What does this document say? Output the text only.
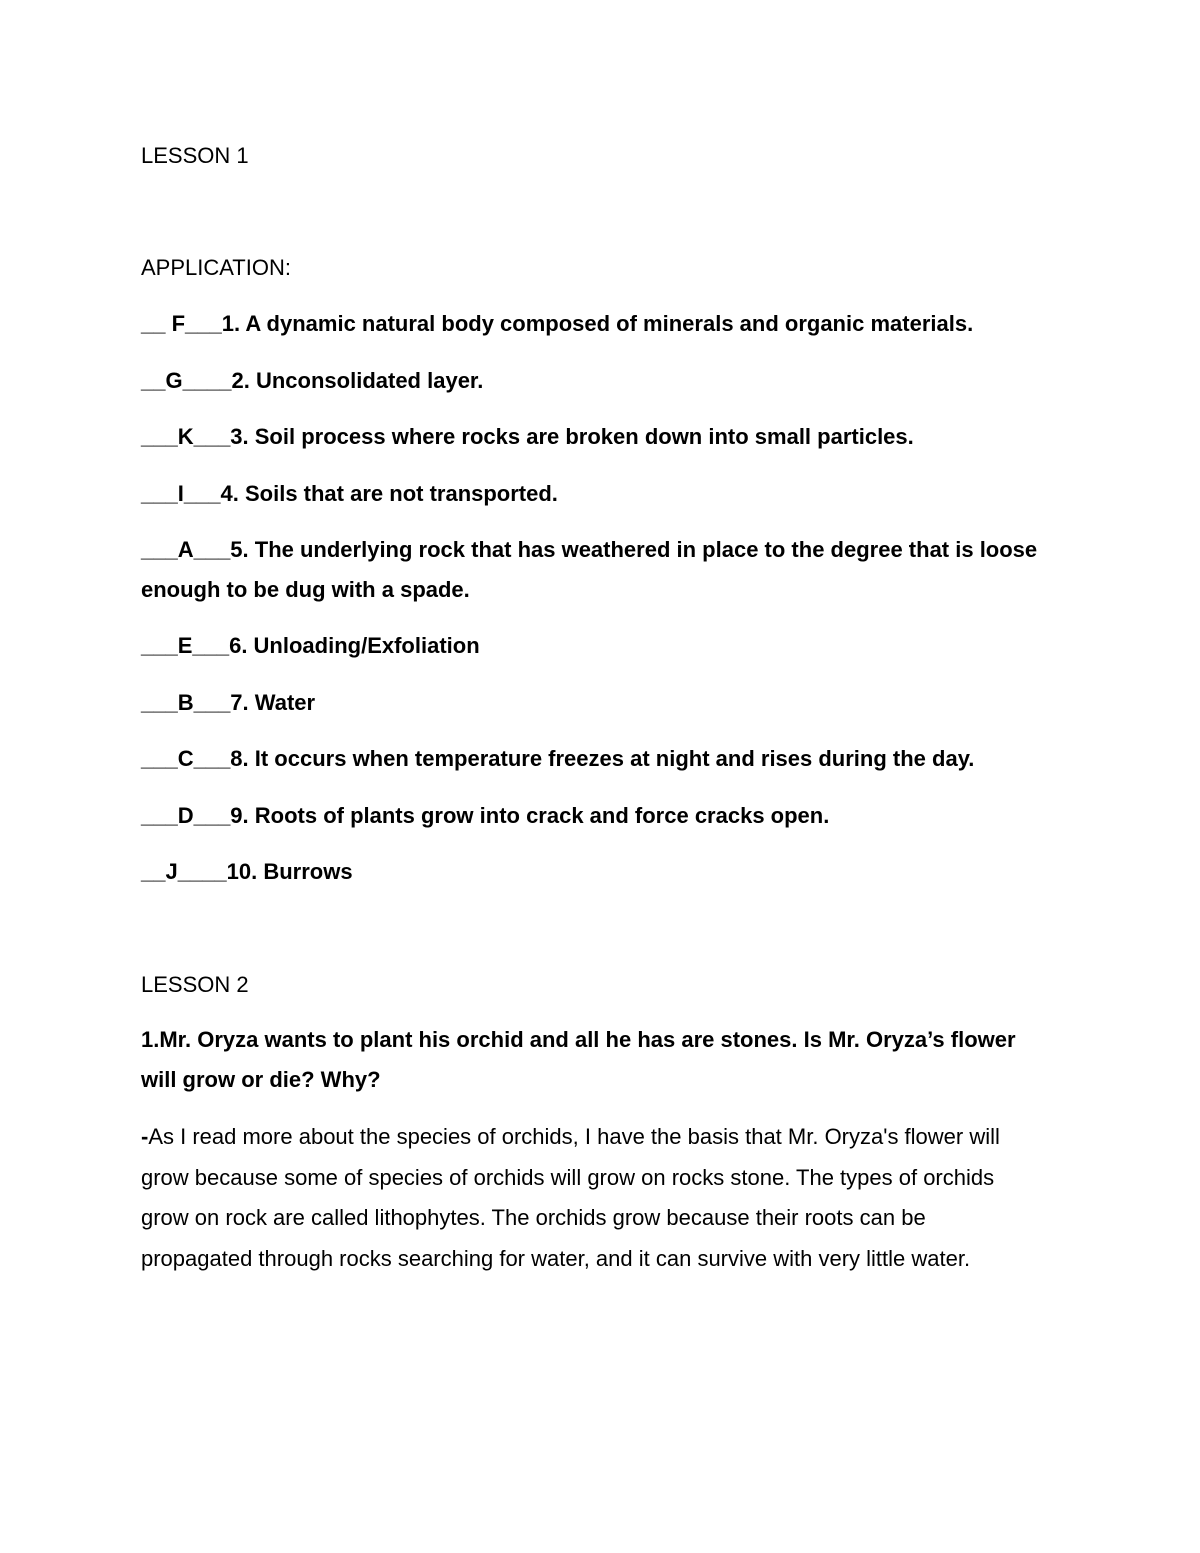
LESSON 1
APPLICATION:
__ F___1. A dynamic natural body composed of minerals and organic materials.
__G____2. Unconsolidated layer.
___K___3. Soil process where rocks are broken down into small particles.
___I___4. Soils that are not transported.
___A___5. The underlying rock that has weathered in place to the degree that is loose enough to be dug with a spade.
___E___6. Unloading/Exfoliation
___B___7. Water
___C___8. It occurs when temperature freezes at night and rises during the day.
___D___9. Roots of plants grow into crack and force cracks open.
__J____10. Burrows
LESSON 2
1.Mr. Oryza wants to plant his orchid and all he has are stones. Is Mr. Oryza’s flower will grow or die? Why?
-As I read more about the species of orchids, I have the basis that Mr. Oryza's flower will grow because some of species of orchids will grow on rocks stone. The types of orchids grow on rock are called lithophytes. The orchids grow because their roots can be propagated through rocks searching for water, and it can survive with very little water.
